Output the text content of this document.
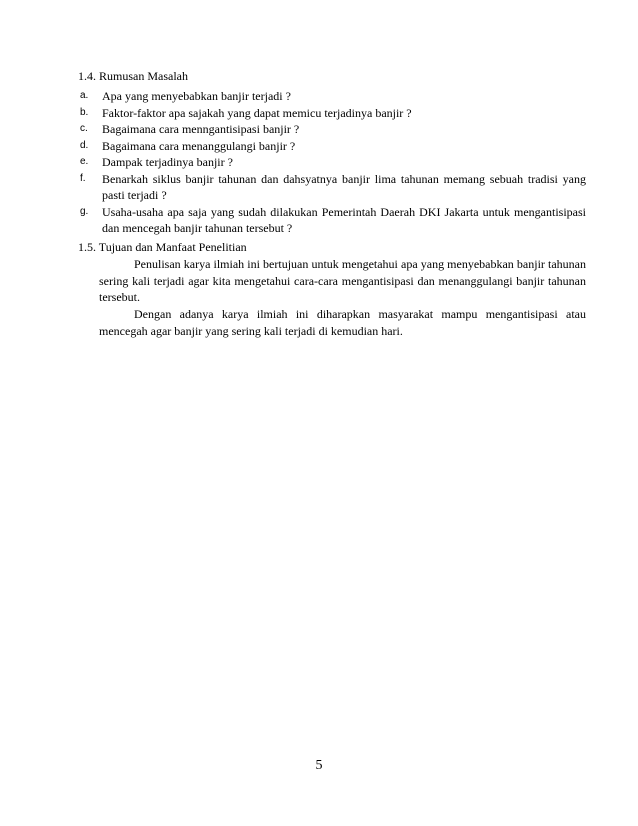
1.4. Rumusan Masalah
a.	Apa yang menyebabkan banjir terjadi ?
b.	Faktor-faktor apa sajakah yang dapat memicu terjadinya banjir ?
c.	Bagaimana cara menngantisipasi banjir ?
d.	Bagaimana cara menanggulangi banjir ?
e.	Dampak terjadinya banjir ?
f.	Benarkah siklus banjir tahunan dan dahsyatnya banjir lima tahunan memang sebuah tradisi yang pasti terjadi ?
g.	Usaha-usaha apa saja yang sudah dilakukan Pemerintah Daerah DKI Jakarta untuk mengantisipasi dan mencegah banjir tahunan tersebut ?
1.5. Tujuan dan Manfaat Penelitian

Penulisan karya ilmiah ini bertujuan untuk mengetahui apa yang menyebabkan banjir tahunan sering kali terjadi agar kita mengetahui cara-cara mengantisipasi dan menanggulangi banjir tahunan tersebut.

Dengan adanya karya ilmiah ini diharapkan masyarakat mampu mengantisipasi atau mencegah agar banjir yang sering kali terjadi di kemudian hari.

5
